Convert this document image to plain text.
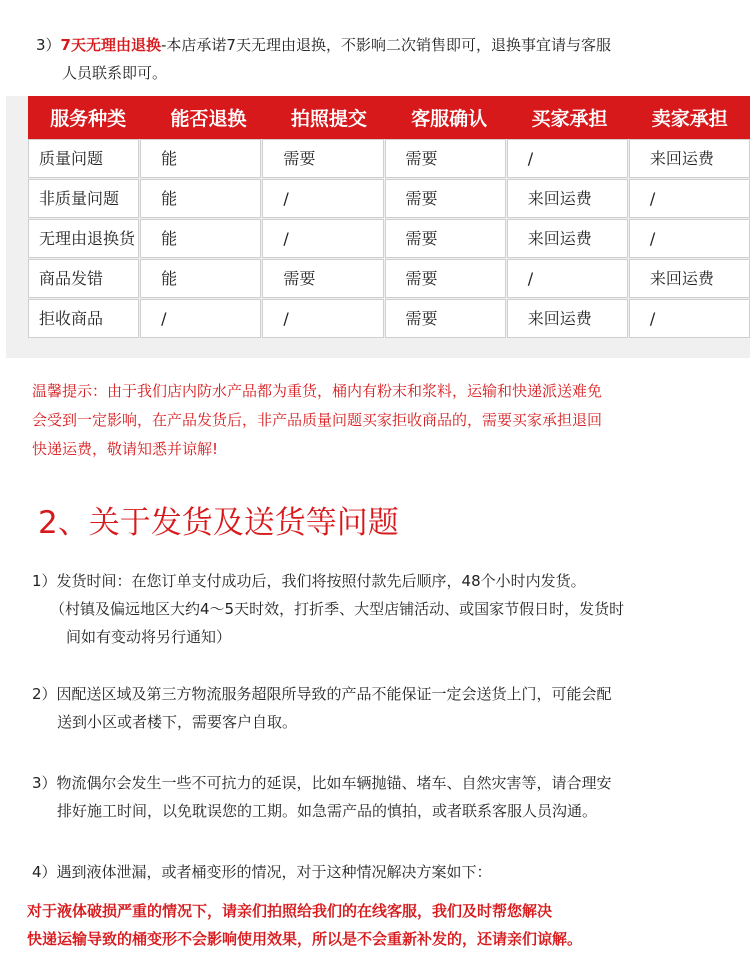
3）7天无理由退换-本店承诺7天无理由退换，不影响二次销售即可，退换事宜请与客服
人员联系即可。
服务种类	能否退换	拍照提交	客服确认	买家承担	卖家承担
质量问题	能	需要	需要	/	来回运费
非质量问题	能	/	需要	来回运费	/
无理由退换货	能	/	需要	来回运费	/
商品发错	能	需要	需要	/	来回运费
拒收商品	/	/	需要	来回运费	/
温馨提示：由于我们店内防水产品都为重货，桶内有粉末和浆料，运输和快递派送难免
会受到一定影响，在产品发货后，非产品质量问题买家拒收商品的，需要买家承担退回
快递运费，敬请知悉并谅解!
2、关于发货及送货等问题
1）发货时间：在您订单支付成功后，我们将按照付款先后顺序，48个小时内发货。
（村镇及偏远地区大约4～5天时效，打折季、大型店铺活动、或国家节假日时，发货时
间如有变动将另行通知）
2）因配送区域及第三方物流服务超限所导致的产品不能保证一定会送货上门，可能会配
送到小区或者楼下，需要客户自取。
3）物流偶尔会发生一些不可抗力的延误，比如车辆抛锚、堵车、自然灾害等，请合理安
排好施工时间，以免耽误您的工期。如急需产品的慎拍，或者联系客服人员沟通。
4）遇到液体泄漏，或者桶变形的情况，对于这种情况解决方案如下：
对于液体破损严重的情况下，请亲们拍照给我们的在线客服，我们及时帮您解决
快递运输导致的桶变形不会影响使用效果，所以是不会重新补发的，还请亲们谅解。
